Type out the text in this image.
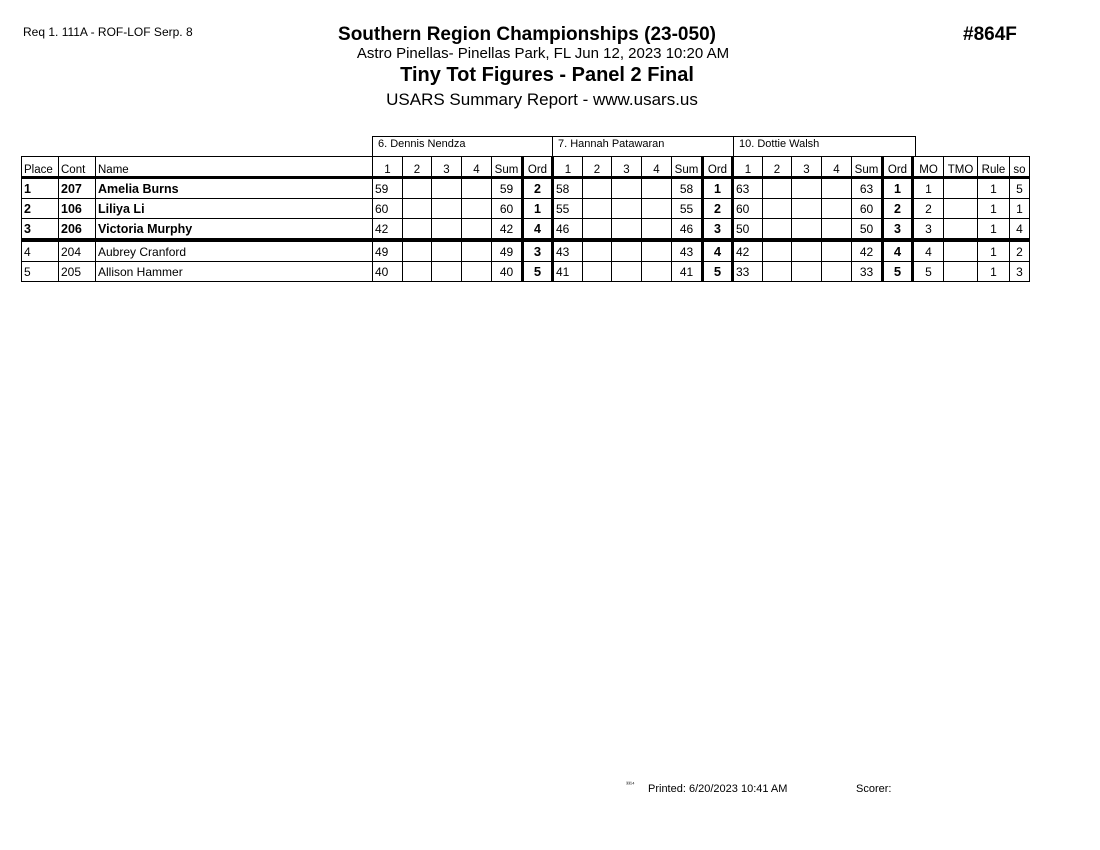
Req 1. 111A - ROF-LOF Serp. 8	Southern Region Championships (23-050)
Astro Pinellas- Pinellas Park, FL Jun 12, 2023 10:20 AM
Tiny Tot Figures - Panel 2 Final
USARS Summary Report - www.usars.us
#864F
6. Dennis Nendza	7. Hannah Patawaran	10. Dottie Walsh
Place	Cont	Name	1	2	3	4	Sum	Ord	1	2	3	4	Sum	Ord	1	2	3	4	Sum	Ord	MO	TMO	Rule	so
1	207	Amelia Burns	59				59	2	58				58	1	63				63	1	1		1	5
2	106	Liliya Li	60				60	1	55				55	2	60				60	2	2		1	1
3	206	Victoria Murphy	42				42	4	46				46	3	50				50	3	3		1	4
4	204	Aubrey Cranford	49				49	3	43				43	4	42				42	4	4		1	2
5	205	Allison Hammer	40				40	5	41				41	5	33				33	5	5		1	3
³³¹⁴ Printed: 6/20/2023 10:41 AM	Scorer:
